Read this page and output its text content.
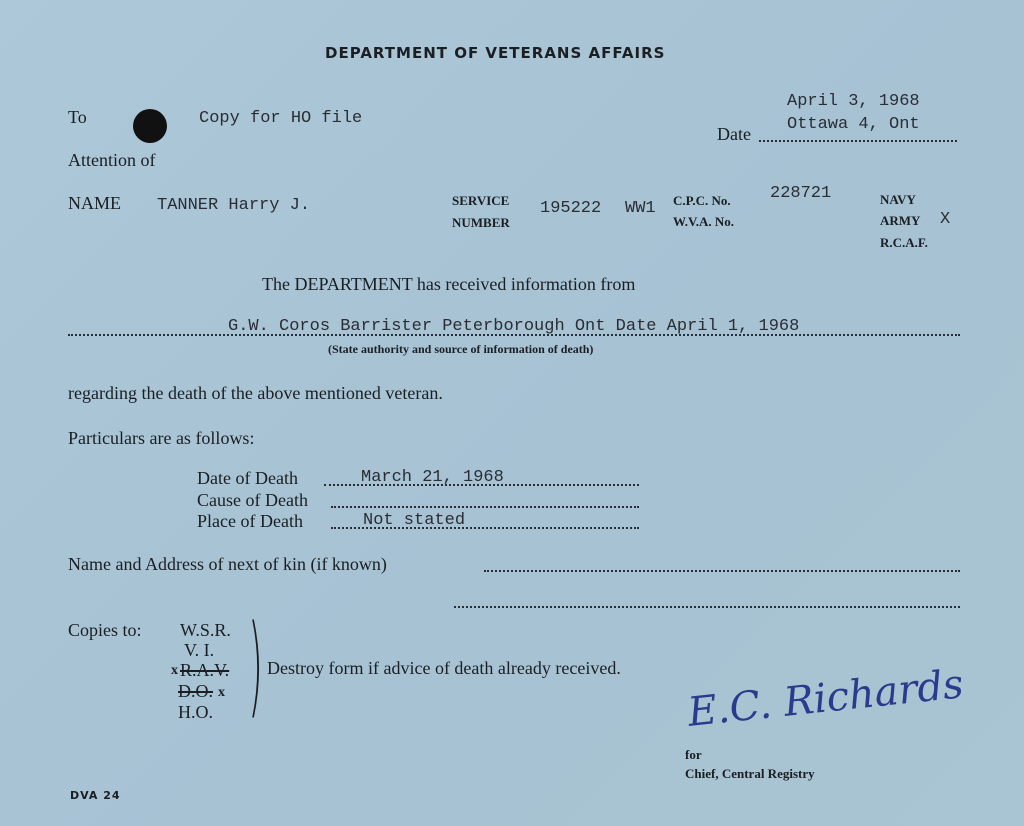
DEPARTMENT OF VETERANS AFFAIRS
To	Copy for HO file
April 3, 1968
Ottawa 4, Ont
Date
Attention of
NAME TANNER Harry J.	SERVICE
NUMBER
195222 WW1 C.P.C. No. 228721
W.V.A. No.
NAVY
ARMY X
R.C.A.F.
The DEPARTMENT has received information from
G.W. Coros Barrister Peterborough Ont Date April 1, 1968
(State authority and source of information of death)
regarding the death of the above mentioned veteran.
Particulars are as follows:
Date of Death	March 21, 1968
Cause of Death
Place of Death	Not stated
Name and Address of next of kin (if known)
Copies to: W.S.R.
V. I.
x R.A.V.
D.O. x
H.O. ) Destroy form if advice of death already received. E.C. Richards
for
Chief, Central Registry
DVA 24
